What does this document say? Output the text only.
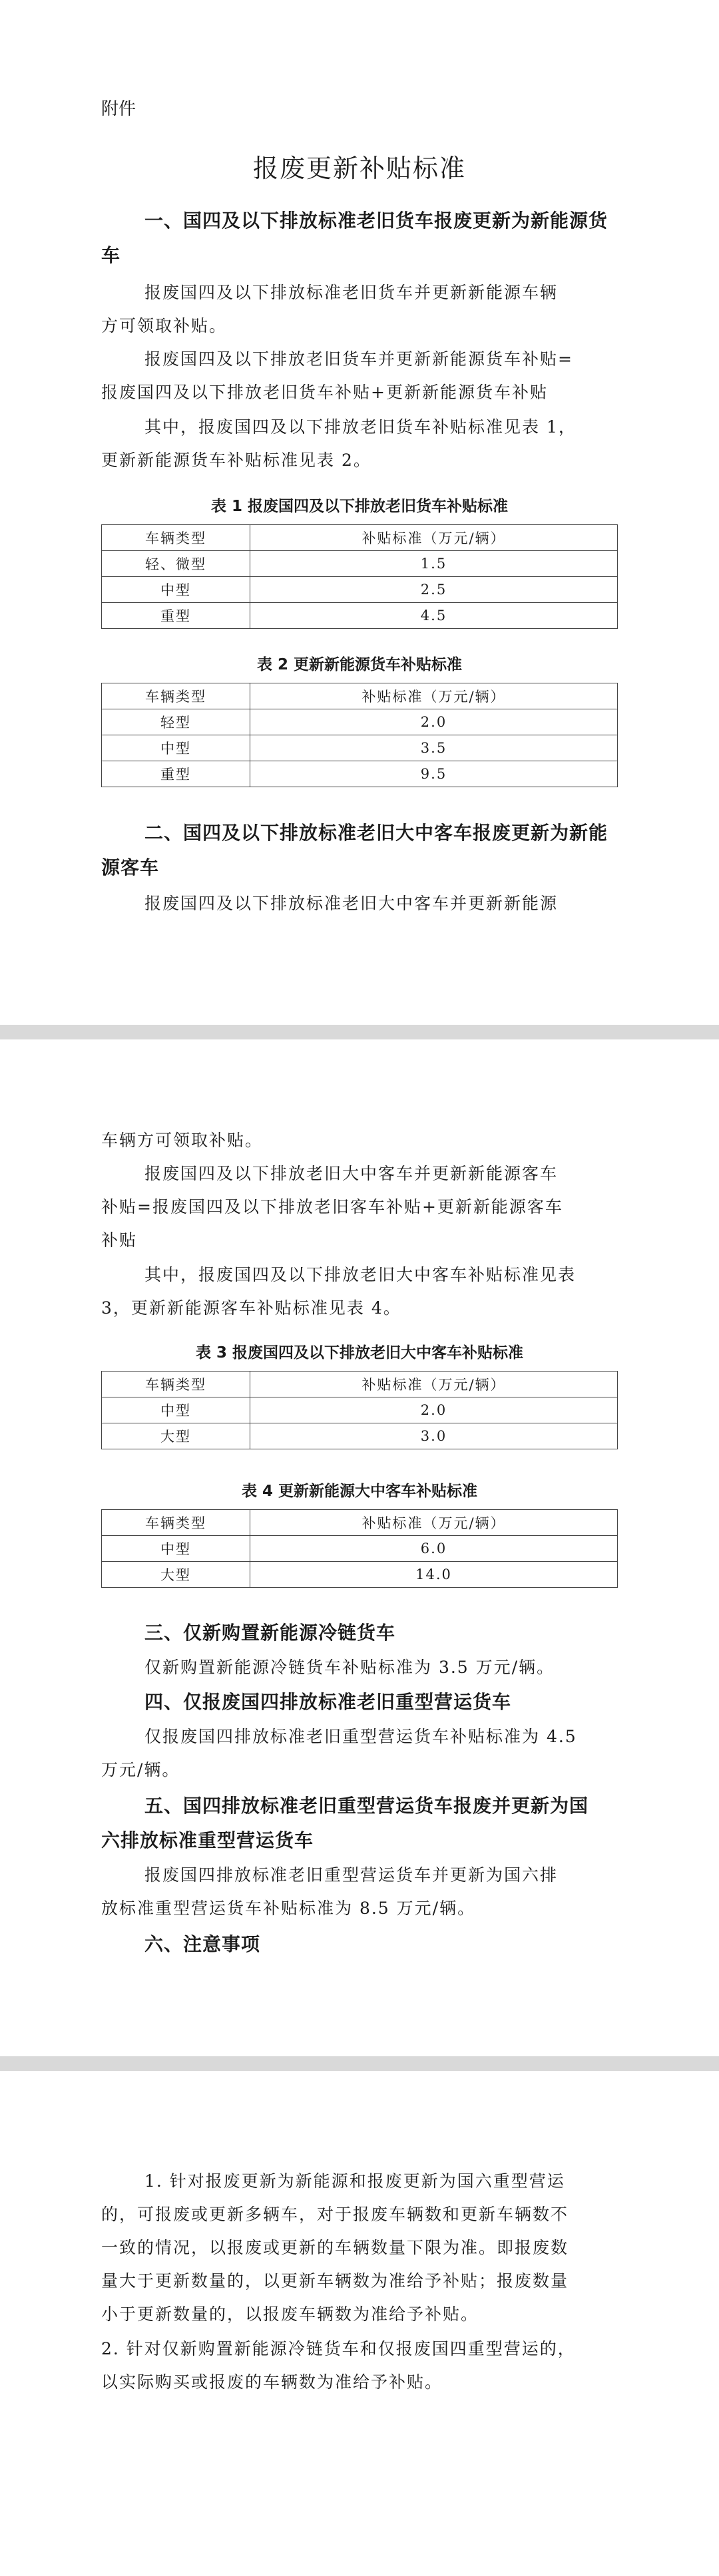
附件
报废更新补贴标准
一、国四及以下排放标准老旧货车报废更新为新能源货
车
报废国四及以下排放标准老旧货车并更新新能源车辆
方可领取补贴。
报废国四及以下排放老旧货车并更新新能源货车补贴=
报废国四及以下排放老旧货车补贴+更新新能源货车补贴
其中，报废国四及以下排放老旧货车补贴标准见表 1，
更新新能源货车补贴标准见表 2。
表 1 报废国四及以下排放老旧货车补贴标准
车辆类型	补贴标准（万元/辆）
轻、微型	1.5
中型	2.5
重型	4.5
表 2 更新新能源货车补贴标准
车辆类型	补贴标准（万元/辆）
轻型	2.0
中型	3.5
重型	9.5
二、国四及以下排放标准老旧大中客车报废更新为新能
源客车
报废国四及以下排放标准老旧大中客车并更新新能源
车辆方可领取补贴。
报废国四及以下排放老旧大中客车并更新新能源客车
补贴=报废国四及以下排放老旧客车补贴+更新新能源客车
补贴
其中，报废国四及以下排放老旧大中客车补贴标准见表
3，更新新能源客车补贴标准见表 4。
表 3 报废国四及以下排放老旧大中客车补贴标准
车辆类型	补贴标准（万元/辆）
中型	2.0
大型	3.0
表 4 更新新能源大中客车补贴标准
车辆类型	补贴标准（万元/辆）
中型	6.0
大型	14.0
三、仅新购置新能源冷链货车
仅新购置新能源冷链货车补贴标准为 3.5 万元/辆。
四、仅报废国四排放标准老旧重型营运货车
仅报废国四排放标准老旧重型营运货车补贴标准为 4.5
万元/辆。
五、国四排放标准老旧重型营运货车报废并更新为国
六排放标准重型营运货车
报废国四排放标准老旧重型营运货车并更新为国六排
放标准重型营运货车补贴标准为 8.5 万元/辆。
六、注意事项
1. 针对报废更新为新能源和报废更新为国六重型营运
的，可报废或更新多辆车，对于报废车辆数和更新车辆数不
一致的情况，以报废或更新的车辆数量下限为准。即报废数
量大于更新数量的，以更新车辆数为准给予补贴；报废数量
小于更新数量的，以报废车辆数为准给予补贴。
2. 针对仅新购置新能源冷链货车和仅报废国四重型营运的，
以实际购买或报废的车辆数为准给予补贴。
